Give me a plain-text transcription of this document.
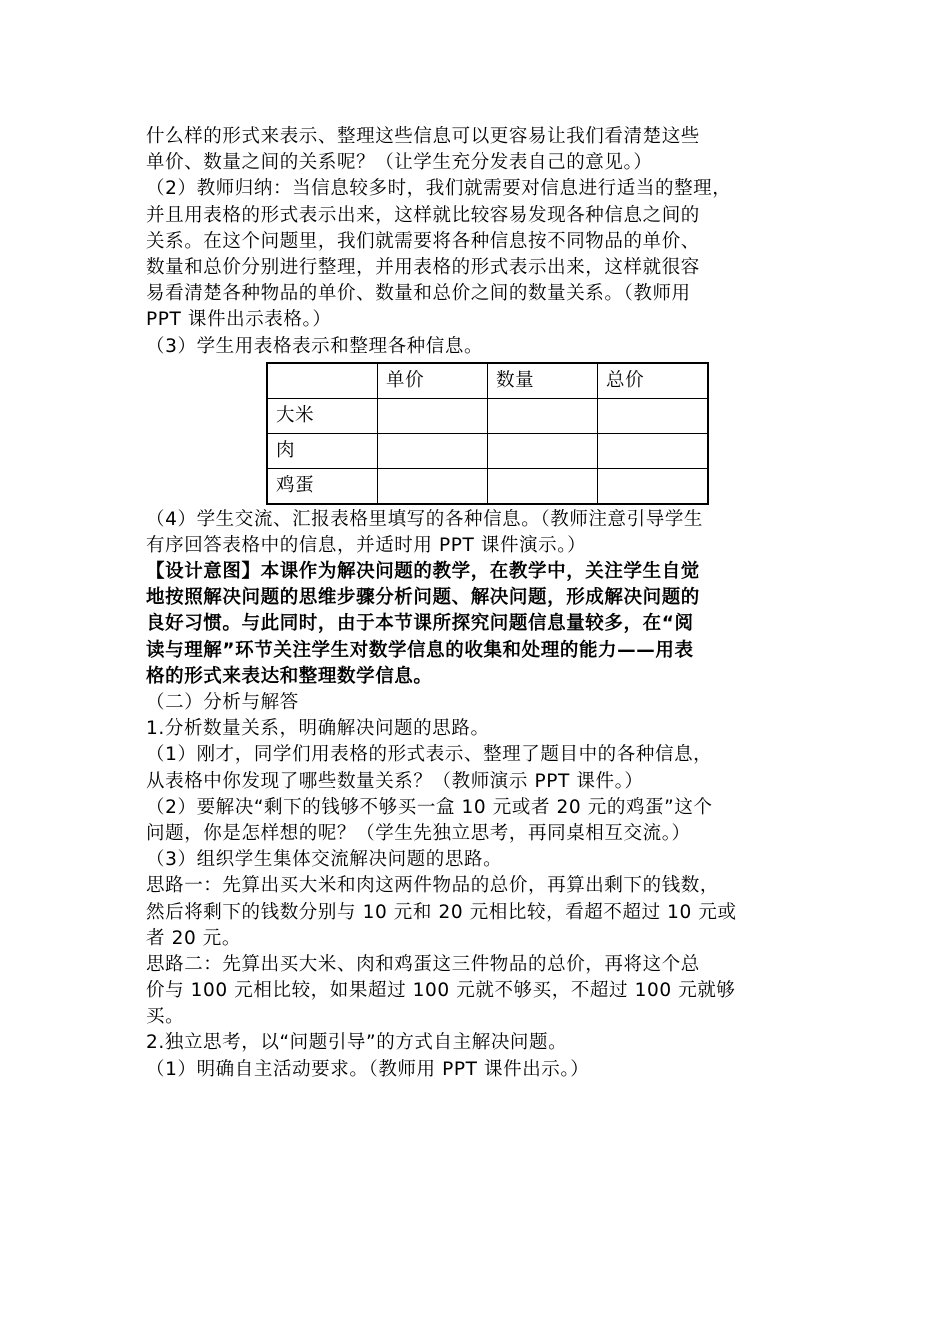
什么样的形式来表示、整理这些信息可以更容易让我们看清楚这些
单价、数量之间的关系呢？（让学生充分发表自己的意见。）
（2）教师归纳：当信息较多时，我们就需要对信息进行适当的整理，
并且用表格的形式表示出来，这样就比较容易发现各种信息之间的
关系。在这个问题里，我们就需要将各种信息按不同物品的单价、
数量和总价分别进行整理，并用表格的形式表示出来，这样就很容
易看清楚各种物品的单价、数量和总价之间的数量关系。（教师用
PPT 课件出示表格。）
（3）学生用表格表示和整理各种信息。
	单价	数量	总价
大米			
肉			
鸡蛋			
（4）学生交流、汇报表格里填写的各种信息。（教师注意引导学生
有序回答表格中的信息，并适时用 PPT 课件演示。）
【设计意图】本课作为解决问题的教学，在教学中，关注学生自觉
地按照解决问题的思维步骤分析问题、解决问题，形成解决问题的
良好习惯。与此同时，由于本节课所探究问题信息量较多，在“阅
读与理解”环节关注学生对数学信息的收集和处理的能力——用表
格的形式来表达和整理数学信息。
（二）分析与解答
1.分析数量关系，明确解决问题的思路。
（1）刚才，同学们用表格的形式表示、整理了题目中的各种信息，
从表格中你发现了哪些数量关系？（教师演示 PPT 课件。）
（2）要解决“剩下的钱够不够买一盒 10 元或者 20 元的鸡蛋”这个
问题，你是怎样想的呢？（学生先独立思考，再同桌相互交流。）
（3）组织学生集体交流解决问题的思路。
思路一：先算出买大米和肉这两件物品的总价，再算出剩下的钱数，
然后将剩下的钱数分别与 10 元和 20 元相比较，看超不超过 10 元或
者 20 元。
思路二：先算出买大米、肉和鸡蛋这三件物品的总价，再将这个总
价与 100 元相比较，如果超过 100 元就不够买，不超过 100 元就够
买。
2.独立思考，以“问题引导”的方式自主解决问题。
（1）明确自主活动要求。（教师用 PPT 课件出示。）
